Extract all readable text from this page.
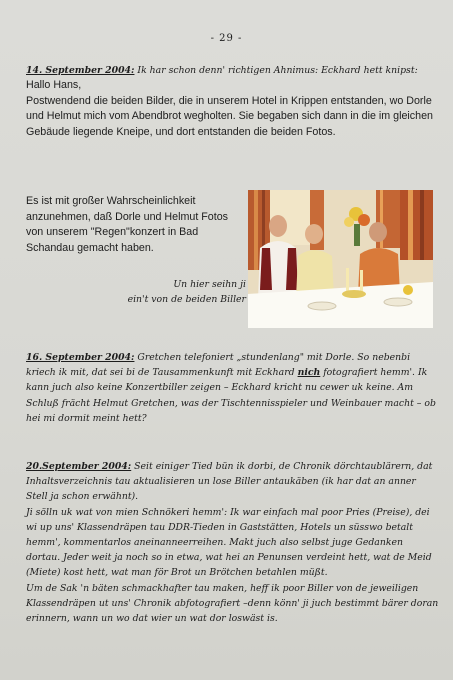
- 29 -

14. September 2004: Ik har schon denn' richtigen Ahnimus: Eckhard hett knipst:

Hallo Hans,

Postwendend die beiden Bilder, die in unserem Hotel in Krippen entstanden, wo Dorle und Helmut mich vom Abendbrot wegholten. Sie begaben sich dann in die im gleichen Gebäude liegende Kneipe, und dort entstanden die beiden Fotos.

Es ist mit großer Wahrscheinlichkeit anzunehmen, daß Dorle und Helmut Fotos von unserem "Regen"konzert in Bad Schandau gemacht haben.

Un hier seihn ji
ein't von de beiden Biller

16. September 2004: Gretchen telefoniert „stundenlang" mit Dorle. So nebenbi kriech ik mit, dat sei bi de Tausammenkunft mit Eckhard nich fotografiert hemm'. Ik kann juch also keine Konzertbiller zeigen – Eckhard kricht nu cewer uk keine. Am Schluß frächt Helmut Gretchen, was der Tischtennisspieler und Weinbauer macht – ob hei mi dormit meint hett?

20.September 2004: Seit einiger Tied bün ik dorbi, de Chronik dörchtaublärern, dat Inhaltsverzeichnis tau aktualisieren un lose Biller antaukäben (ik har dat an anner Stell ja schon erwähnt).

Ji sölln uk wat von mien Schnökeri hemm': Ik war einfach mal poor Pries (Preise), dei wi up uns' Klassendräpen tau DDR-Tieden in Gaststätten, Hotels un süsswo betalt hemm', kommentarlos aneinanneerreihen. Makt juch also selbst juge Gedanken dortau. Jeder weit ja noch so in etwa, wat hei an Penunsen verdeint hett, wat de Meid (Miete) kost hett, wat man för Brot un Brötchen betahlen müßt.

Um de Sak 'n bäten schmackhafter tau maken, heff ik poor Biller von de jeweiligen Klassendräpen ut uns' Chronik abfotografiert –denn könn' ji juch bestimmt bärer doran erinnern, wann un wo dat wier un wat dor loswäst is.
